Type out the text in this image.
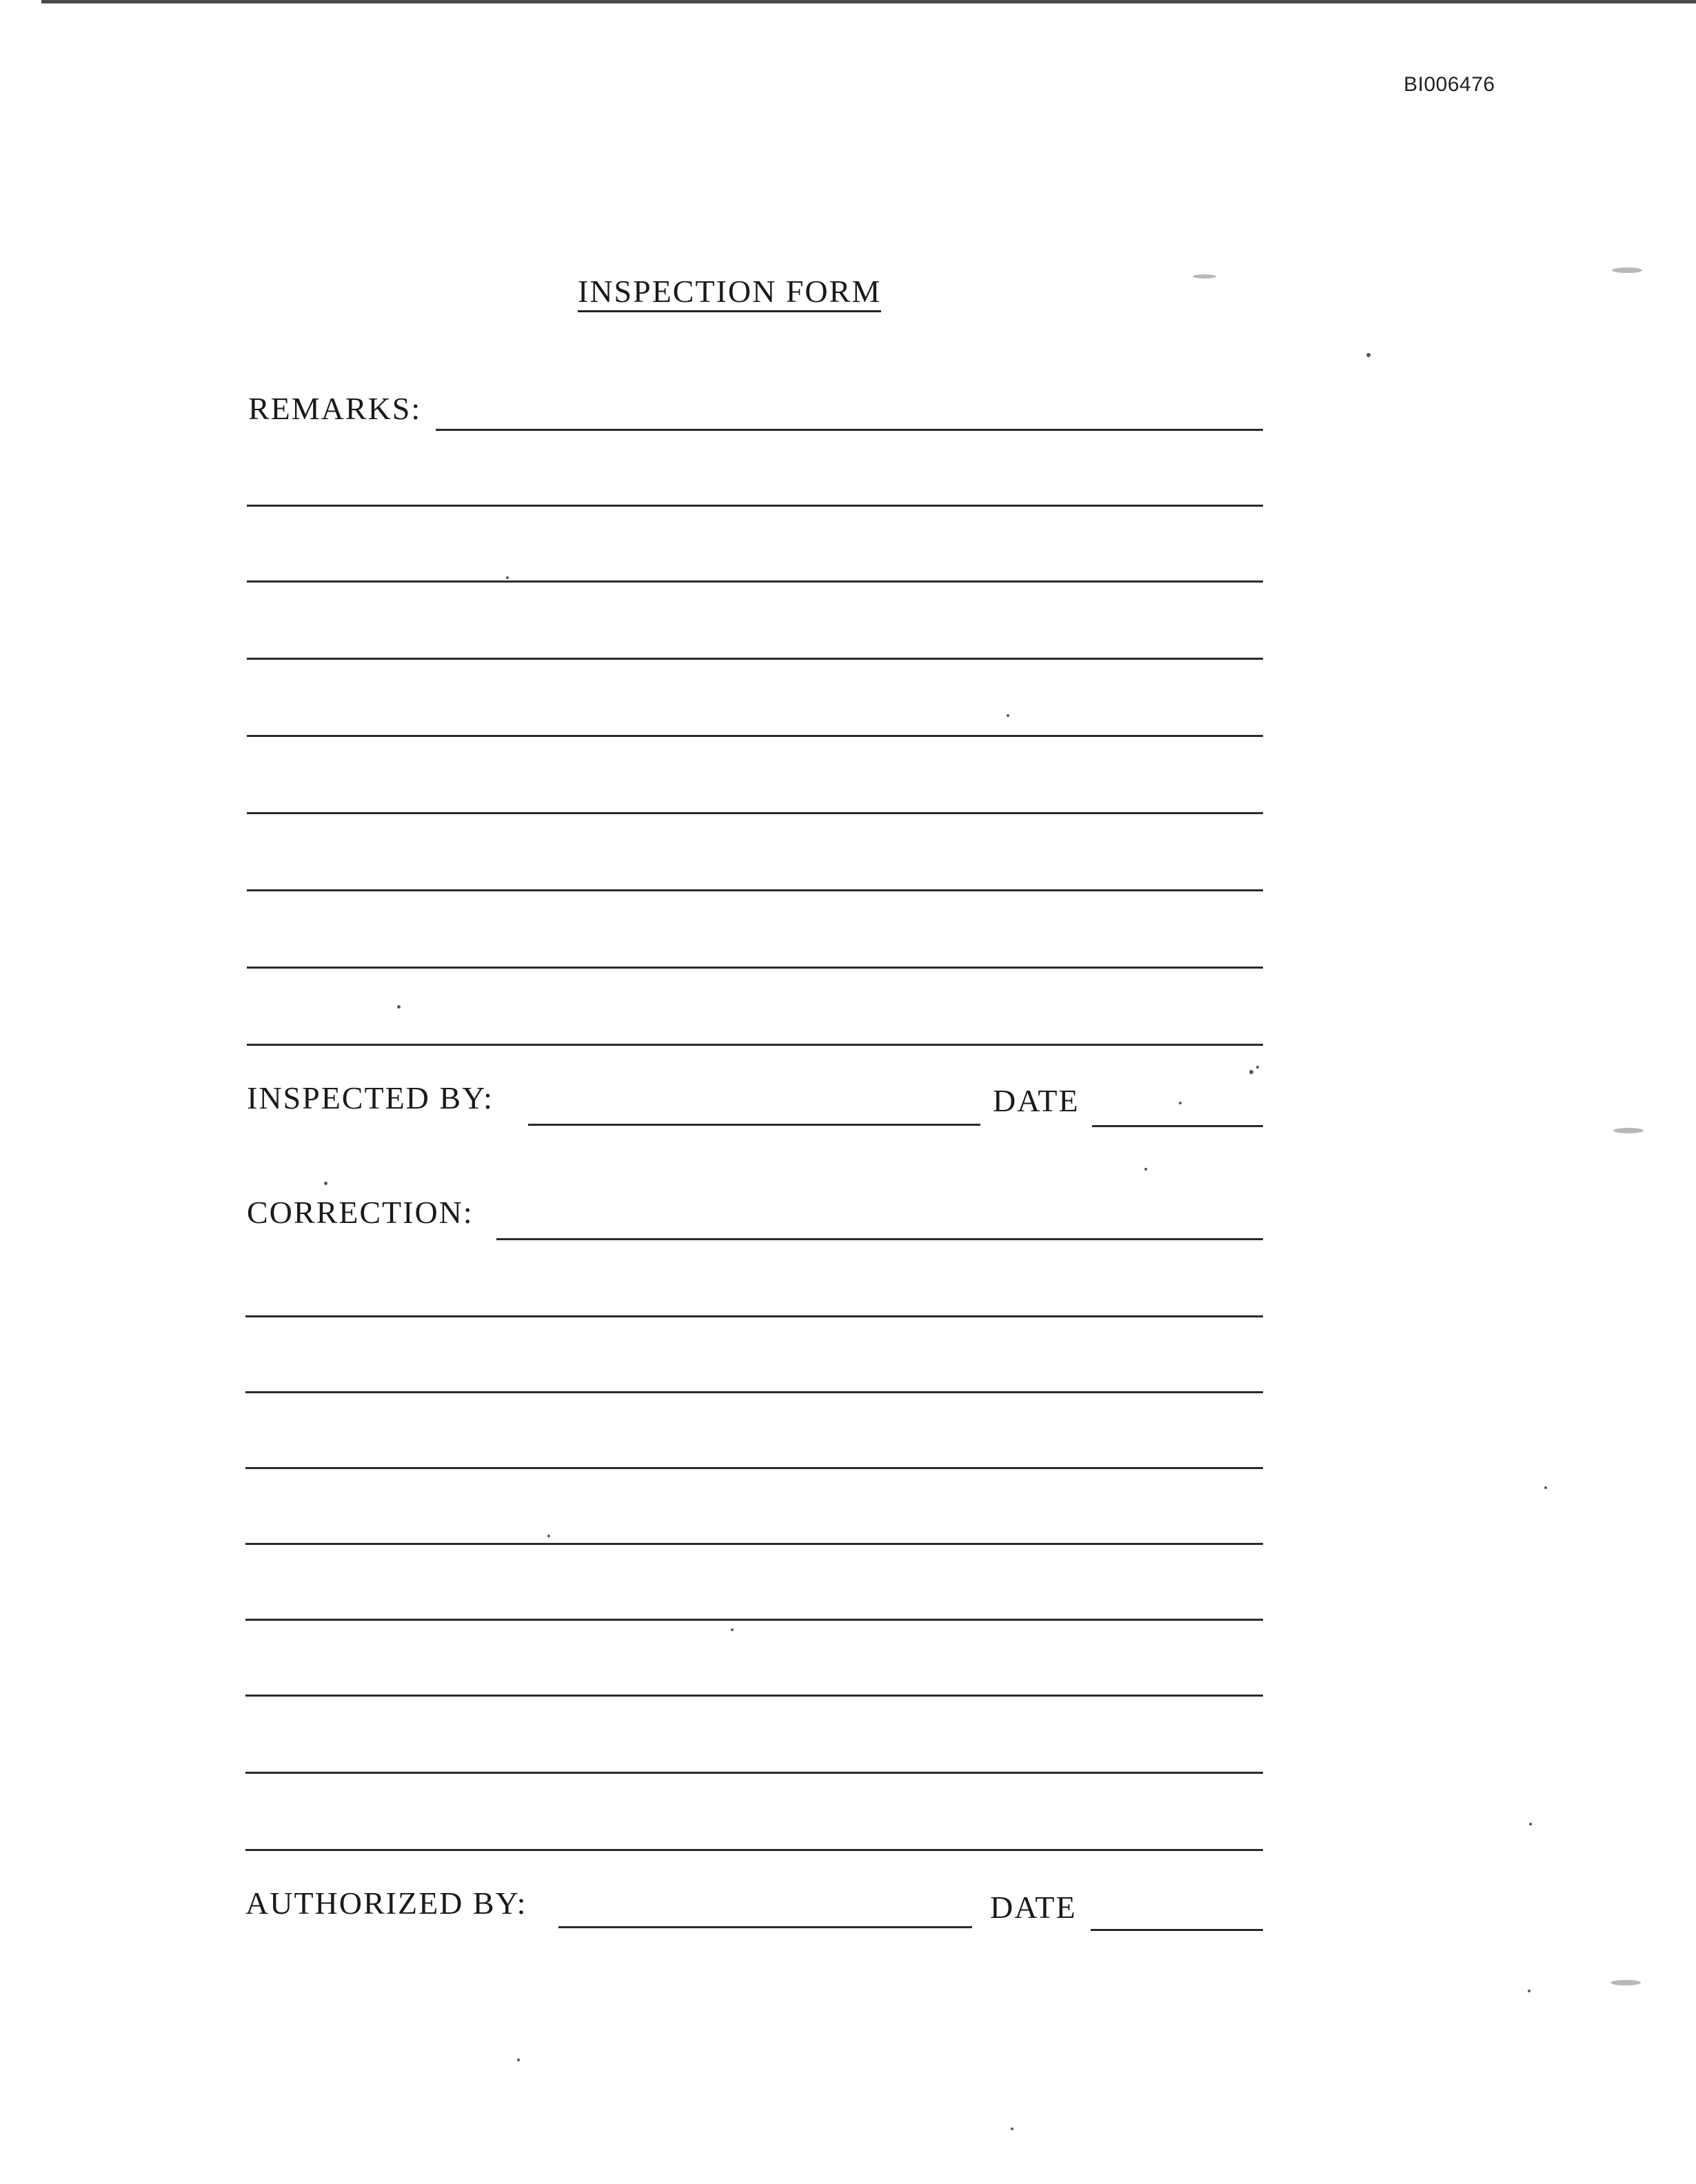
BI006476
INSPECTION FORM
REMARKS:
INSPECTED BY:	DATE
CORRECTION:
AUTHORIZED BY:	DATE
